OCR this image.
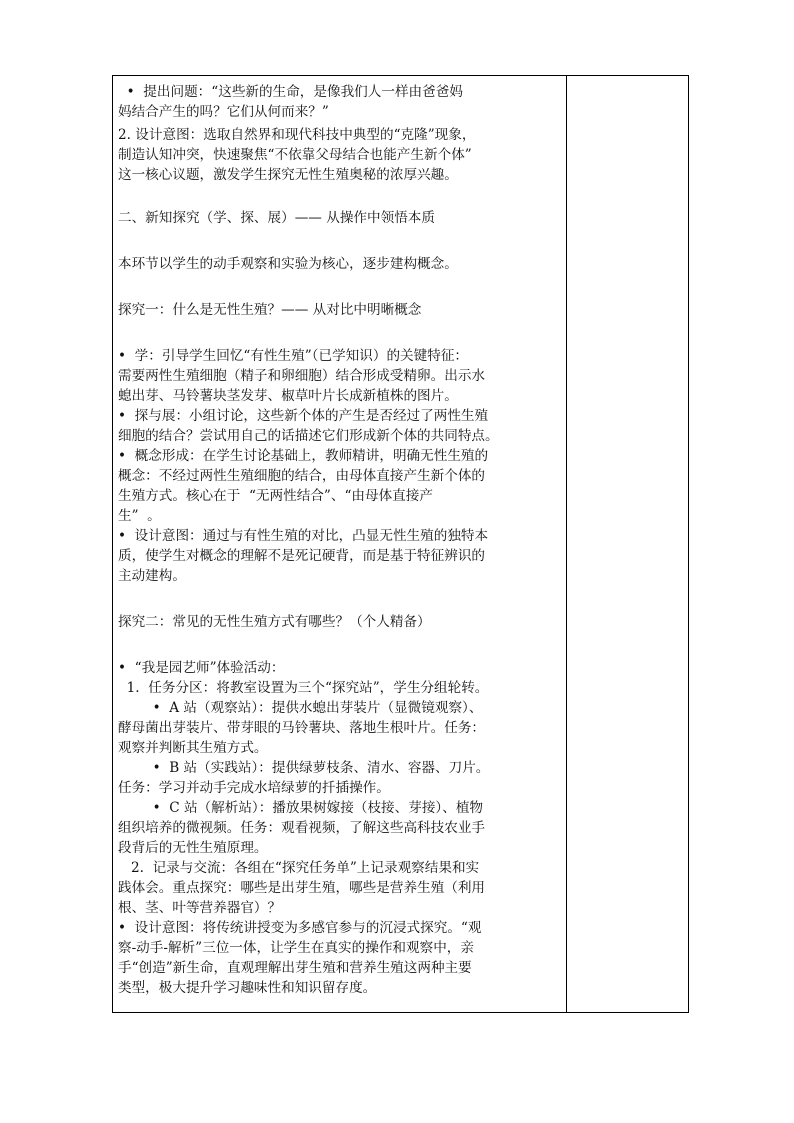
•  提出问题：“这些新的生命，是像我们人一样由爸爸妈
妈结合产生的吗？它们从何而来？”
2. 设计意图：选取自然界和现代科技中典型的“克隆”现象，
制造认知冲突，快速聚焦“不依靠父母结合也能产生新个体”
这一核心议题，激发学生探究无性生殖奥秘的浓厚兴趣。
二、新知探究（学、探、展）—— 从操作中领悟本质
本环节以学生的动手观察和实验为核心，逐步建构概念。
探究一：什么是无性生殖？—— 从对比中明晰概念
•  学：引导学生回忆“有性生殖”（已学知识）的关键特征：
需要两性生殖细胞（精子和卵细胞）结合形成受精卵。出示水
螅出芽、马铃薯块茎发芽、椒草叶片长成新植株的图片。
•  探与展：小组讨论，这些新个体的产生是否经过了两性生殖
细胞的结合？尝试用自己的话描述它们形成新个体的共同特点。
•  概念形成：在学生讨论基础上，教师精讲，明确无性生殖的
概念：不经过两性生殖细胞的结合，由母体直接产生新个体的
生殖方式。核心在于  “无两性结合”、“由母体直接产
生”  。
•  设计意图：通过与有性生殖的对比，凸显无性生殖的独特本
质，使学生对概念的理解不是死记硬背，而是基于特征辨识的
主动建构。
探究二：常见的无性生殖方式有哪些？（个人精备）
•  “我是园艺师”体验活动：
1.  任务分区：将教室设置为三个“探究站”，学生分组轮转。
•  A 站（观察站）：提供水螅出芽装片（显微镜观察）、
酵母菌出芽装片、带芽眼的马铃薯块、落地生根叶片。任务：
观察并判断其生殖方式。
•  B 站（实践站）：提供绿萝枝条、清水、容器、刀片。
任务：学习并动手完成水培绿萝的扦插操作。
•  C 站（解析站）：播放果树嫁接（枝接、芽接）、植物
组织培养的微视频。任务：观看视频，了解这些高科技农业手
段背后的无性生殖原理。
2.  记录与交流：各组在“探究任务单”上记录观察结果和实
践体会。重点探究：哪些是出芽生殖，哪些是营养生殖（利用
根、茎、叶等营养器官）？
•  设计意图：将传统讲授变为多感官参与的沉浸式探究。“观
察-动手-解析”三位一体，让学生在真实的操作和观察中，亲
手“创造”新生命，直观理解出芽生殖和营养生殖这两种主要
类型，极大提升学习趣味性和知识留存度。
